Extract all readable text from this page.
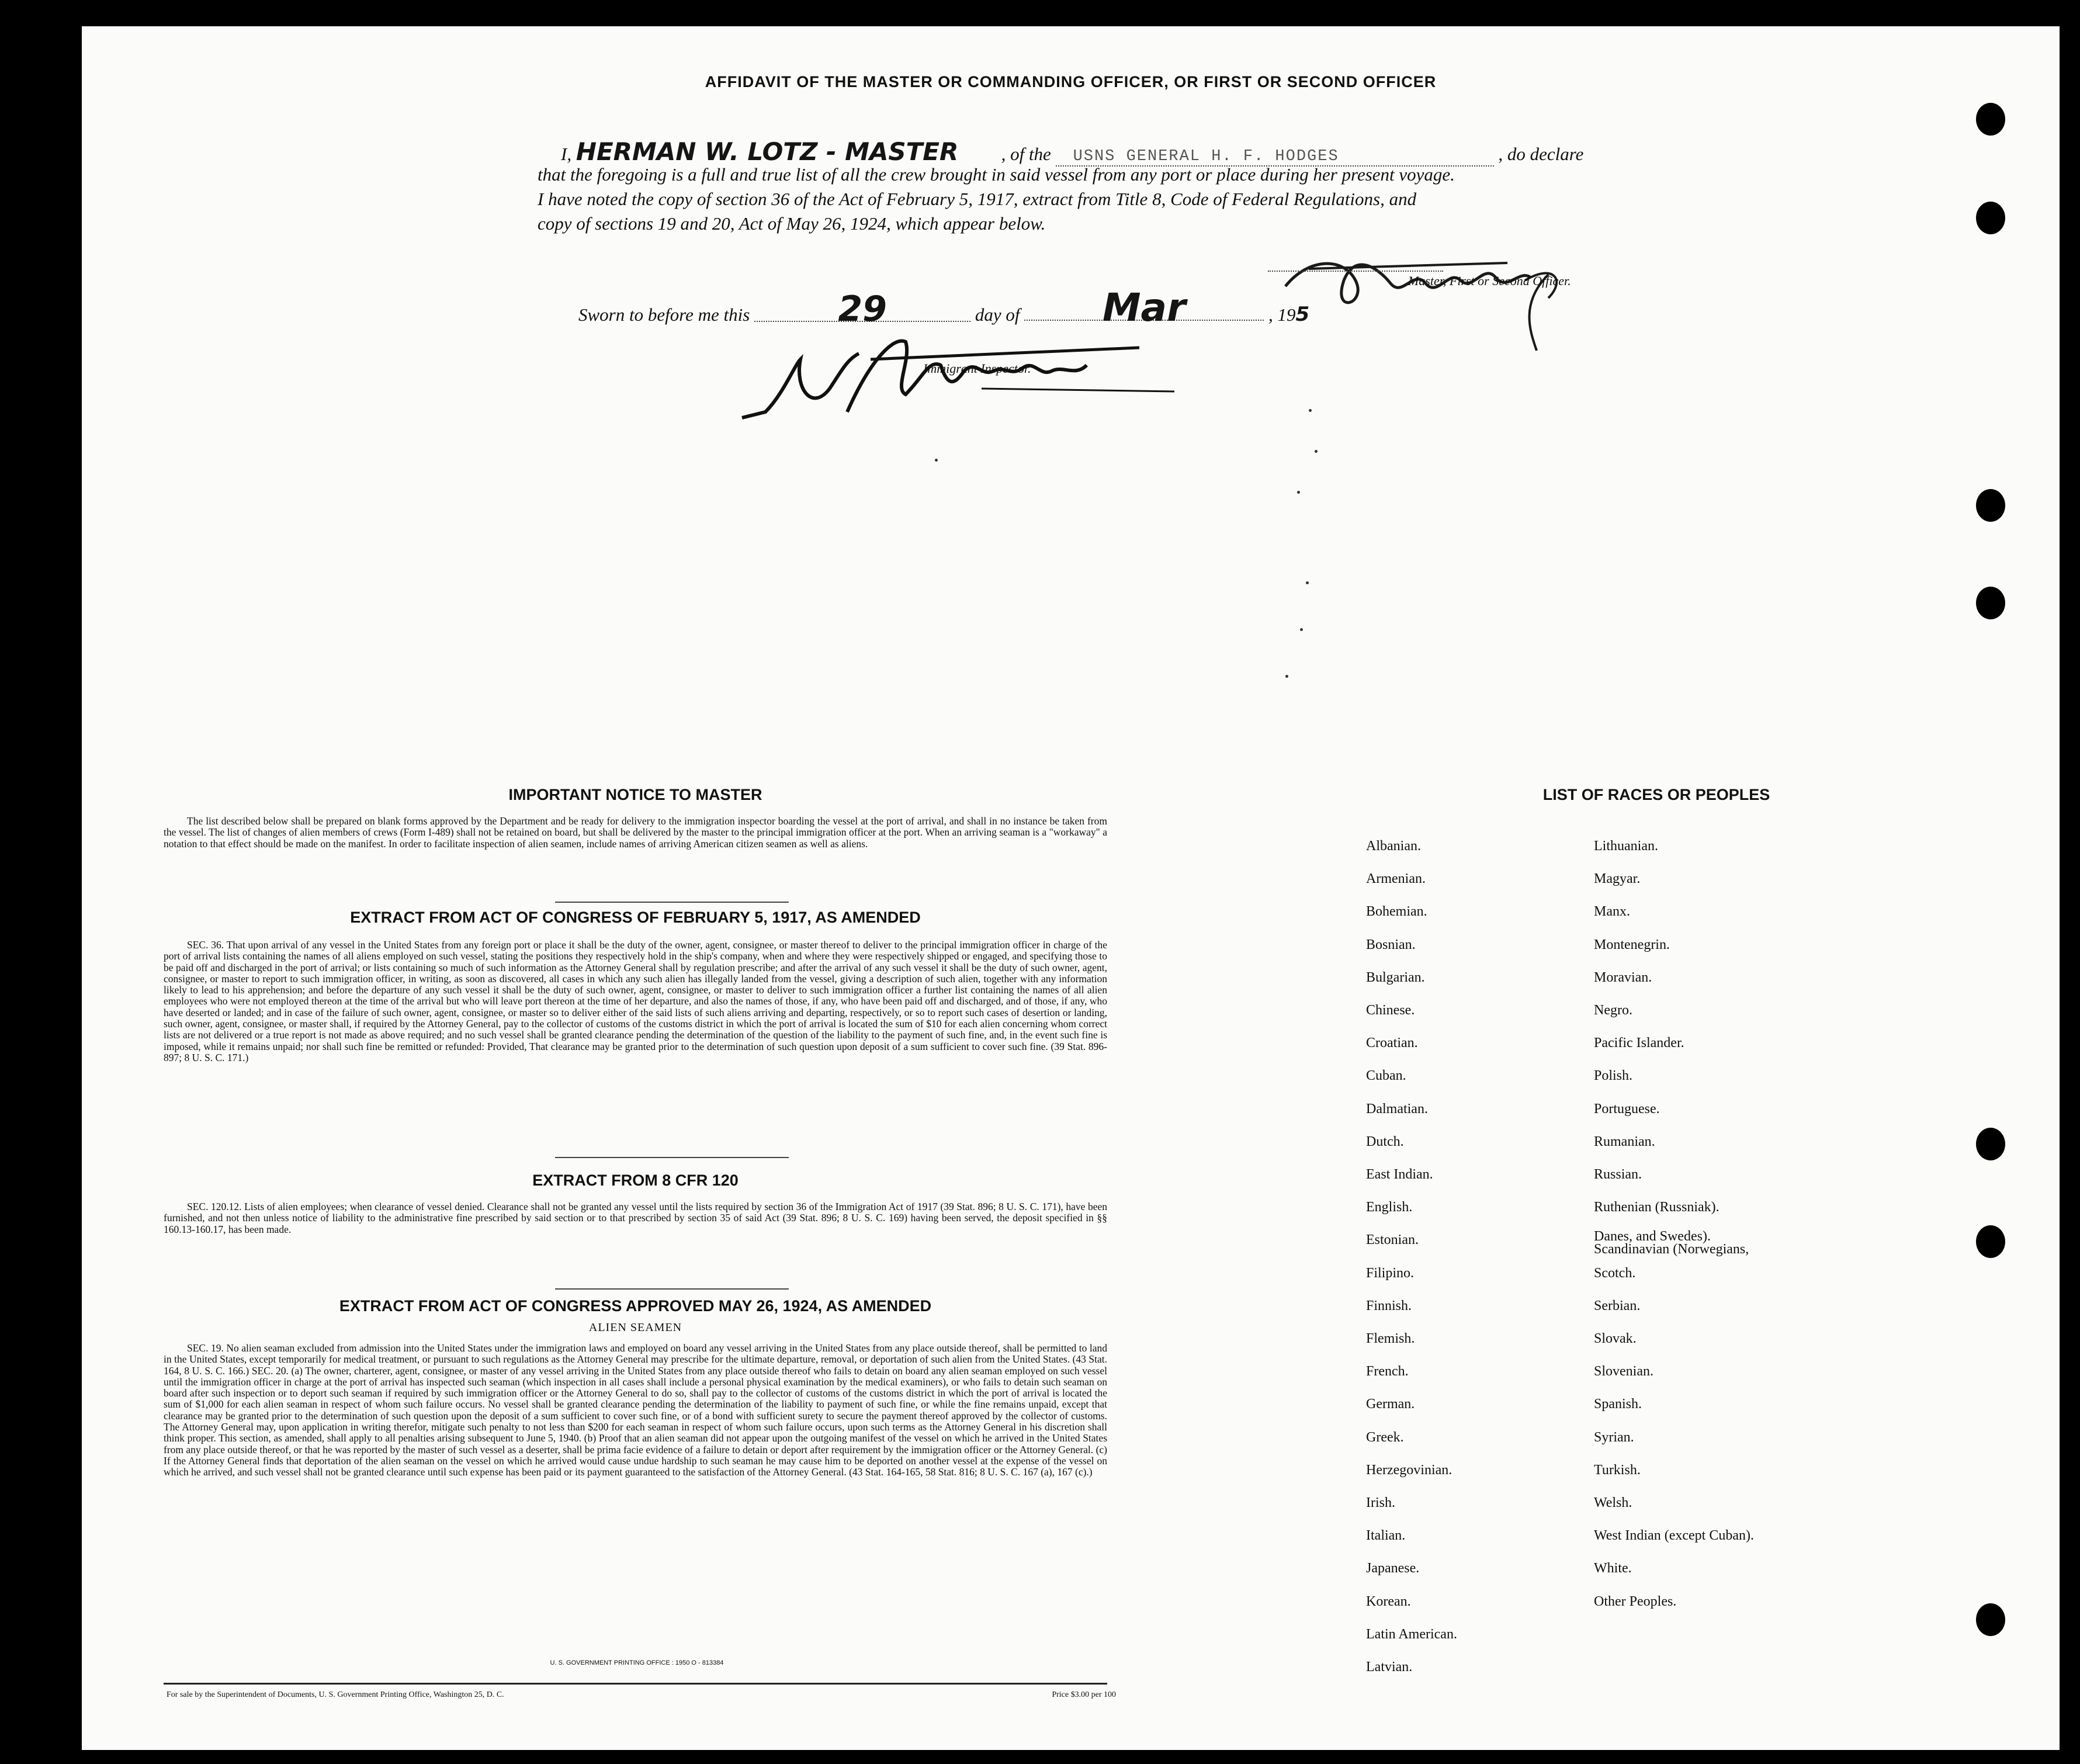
AFFIDAVIT OF THE MASTER OR COMMANDING OFFICER, OR FIRST OR SECOND OFFICER
I, HERMAN W. LOTZ - MASTER , of the USNS GENERAL H. F. HODGES	, do declare
that the foregoing is a full and true list of all the crew brought in said vessel from any port or place during her present voyage.
I have noted the copy of section 36 of the Act of February 5, 1917, extract from Title 8, Code of Federal Regulations, and
copy of sections 19 and 20, Act of May 26, 1924, which appear below.
Master, First or Second Officer.
Sworn to before me this	29	day of Mar	, 195
Immigrant Inspector.
IMPORTANT NOTICE TO MASTER
The list described below shall be prepared on blank forms approved by the Department and be ready for delivery to the immigration inspector boarding the vessel at the port of arrival, and shall in no instance be taken from the vessel. The list of changes of alien members of crews (Form I-489) shall not be retained on board, but shall be delivered by the master to the principal immigration officer at the port. When an arriving seaman is a "workaway" a notation to that effect should be made on the manifest. In order to facilitate inspection of alien seamen, include names of arriving American citizen seamen as well as aliens.
EXTRACT FROM ACT OF CONGRESS OF FEBRUARY 5, 1917, AS AMENDED
SEC. 36. That upon arrival of any vessel in the United States from any foreign port or place it shall be the duty of the owner, agent, consignee, or master thereof to deliver to the principal immigration officer in charge of the port of arrival lists containing the names of all aliens employed on such vessel, stating the positions they respectively hold in the ship's company, when and where they were respectively shipped or engaged, and specifying those to be paid off and discharged in the port of arrival; or lists containing so much of such information as the Attorney General shall by regulation prescribe; and after the arrival of any such vessel it shall be the duty of such owner, agent, consignee, or master to report to such immigration officer, in writing, as soon as discovered, all cases in which any such alien has illegally landed from the vessel, giving a description of such alien, together with any information likely to lead to his apprehension; and before the departure of any such vessel it shall be the duty of such owner, agent, consignee, or master to deliver to such immigration officer a further list containing the names of all alien employees who were not employed thereon at the time of the arrival but who will leave port thereon at the time of her departure, and also the names of those, if any, who have been paid off and discharged, and of those, if any, who have deserted or landed; and in case of the failure of such owner, agent, consignee, or master so to deliver either of the said lists of such aliens arriving and departing, respectively, or so to report such cases of desertion or landing, such owner, agent, consignee, or master shall, if required by the Attorney General, pay to the collector of customs of the customs district in which the port of arrival is located the sum of $10 for each alien concerning whom correct lists are not delivered or a true report is not made as above required; and no such vessel shall be granted clearance pending the determination of the question of the liability to the payment of such fine, and, in the event such fine is imposed, while it remains unpaid; nor shall such fine be remitted or refunded: Provided, That clearance may be granted prior to the determination of such question upon deposit of a sum sufficient to cover such fine. (39 Stat. 896-897; 8 U. S. C. 171.)
EXTRACT FROM 8 CFR 120
SEC. 120.12. Lists of alien employees; when clearance of vessel denied. Clearance shall not be granted any vessel until the lists required by section 36 of the Immigration Act of 1917 (39 Stat. 896; 8 U. S. C. 171), have been furnished, and not then unless notice of liability to the administrative fine prescribed by said section or to that prescribed by section 35 of said Act (39 Stat. 896; 8 U. S. C. 169) having been served, the deposit specified in §§ 160.13-160.17, has been made.
EXTRACT FROM ACT OF CONGRESS APPROVED MAY 26, 1924, AS AMENDED
ALIEN SEAMEN
SEC. 19. No alien seaman excluded from admission into the United States under the immigration laws and employed on board any vessel arriving in the United States from any place outside thereof, shall be permitted to land in the United States, except temporarily for medical treatment, or pursuant to such regulations as the Attorney General may prescribe for the ultimate departure, removal, or deportation of such alien from the United States. (43 Stat. 164, 8 U. S. C. 166.) SEC. 20. (a) The owner, charterer, agent, consignee, or master of any vessel arriving in the United States from any place outside thereof who fails to detain on board any alien seaman employed on such vessel until the immigration officer in charge at the port of arrival has inspected such seaman (which inspection in all cases shall include a personal physical examination by the medical examiners), or who fails to detain such seaman on board after such inspection or to deport such seaman if required by such immigration officer or the Attorney General to do so, shall pay to the collector of customs of the customs district in which the port of arrival is located the sum of $1,000 for each alien seaman in respect of whom such failure occurs. No vessel shall be granted clearance pending the determination of the liability to payment of such fine, or while the fine remains unpaid, except that clearance may be granted prior to the determination of such question upon the deposit of a sum sufficient to cover such fine, or of a bond with sufficient surety to secure the payment thereof approved by the collector of customs. The Attorney General may, upon application in writing therefor, mitigate such penalty to not less than $200 for each seaman in respect of whom such failure occurs, upon such terms as the Attorney General in his discretion shall think proper. This section, as amended, shall apply to all penalties arising subsequent to June 5, 1940. (b) Proof that an alien seaman did not appear upon the outgoing manifest of the vessel on which he arrived in the United States from any place outside thereof, or that he was reported by the master of such vessel as a deserter, shall be prima facie evidence of a failure to detain or deport after requirement by the immigration officer or the Attorney General. (c) If the Attorney General finds that deportation of the alien seaman on the vessel on which he arrived would cause undue hardship to such seaman he may cause him to be deported on another vessel at the expense of the vessel on which he arrived, and such vessel shall not be granted clearance until such expense has been paid or its payment guaranteed to the satisfaction of the Attorney General. (43 Stat. 164-165, 58 Stat. 816; 8 U. S. C. 167 (a), 167 (c).)
U. S. GOVERNMENT PRINTING OFFICE : 1950 O - 813384
For sale by the Superintendent of Documents, U. S. Government Printing Office, Washington 25, D. C.	Price $3.00 per 100
LIST OF RACES OR PEOPLES
Albanian.
Armenian.
Bohemian.
Bosnian.
Bulgarian.
Chinese.
Croatian.
Cuban.
Dalmatian.
Dutch.
East Indian.
English.
Estonian.
Filipino.
Finnish.
Flemish.
French.
German.
Greek.
Herzegovinian.
Irish.
Italian.
Japanese.
Korean.
Latin American.
Latvian.
Lithuanian.
Magyar.
Manx.
Montenegrin.
Moravian.
Negro.
Pacific Islander.
Polish.
Portuguese.
Rumanian.
Russian.
Ruthenian (Russniak).
Scandinavian (Norwegians,
Danes, and Swedes).
Scotch.
Serbian.
Slovak.
Slovenian.
Spanish.
Syrian.
Turkish.
Welsh.
West Indian (except Cuban).
White.
Other Peoples.
